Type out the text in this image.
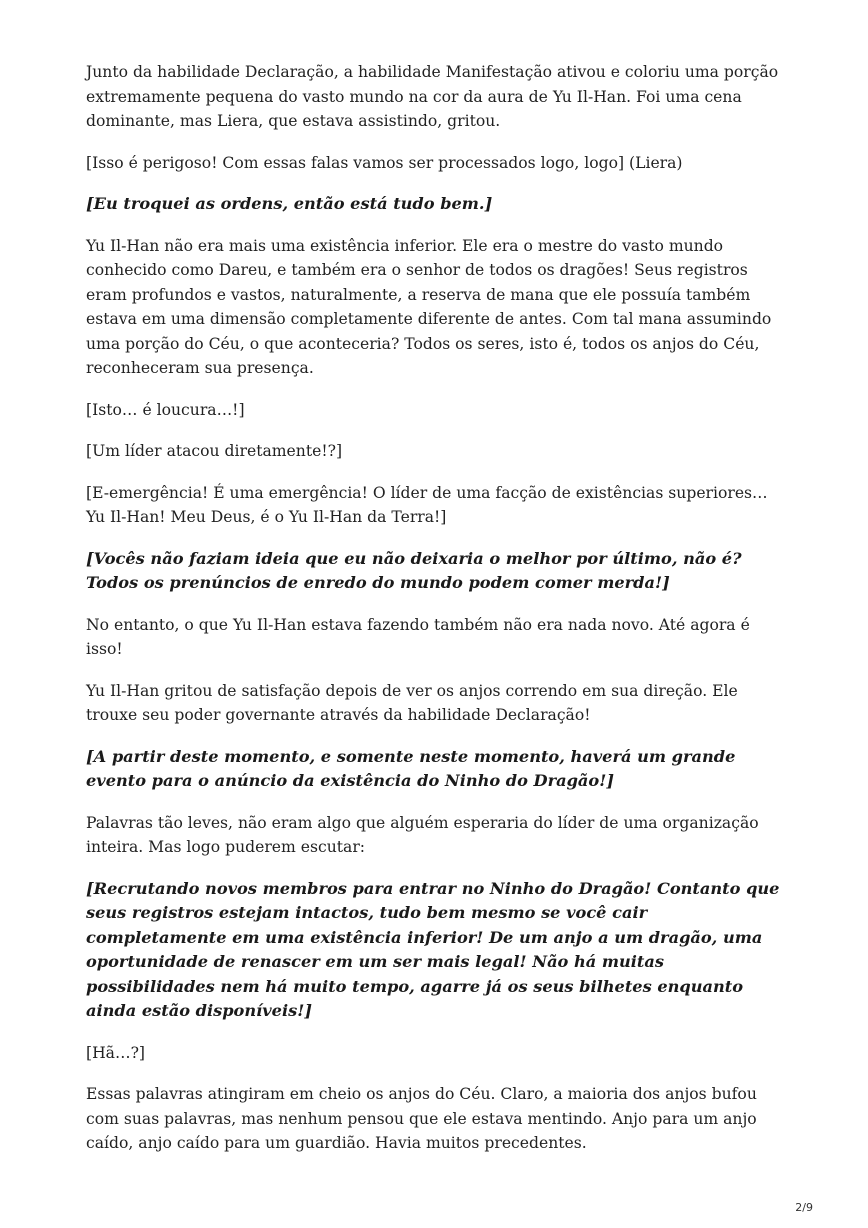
Junto da habilidade Declaração, a habilidade Manifestação ativou e coloriu uma porção extremamente pequena do vasto mundo na cor da aura de Yu Il-Han. Foi uma cena dominante, mas Liera, que estava assistindo, gritou.

[Isso é perigoso! Com essas falas vamos ser processados logo, logo] (Liera)

[Eu troquei as ordens, então está tudo bem.]

Yu Il-Han não era mais uma existência inferior. Ele era o mestre do vasto mundo conhecido como Dareu, e também era o senhor de todos os dragões! Seus registros eram profundos e vastos, naturalmente, a reserva de mana que ele possuía também estava em uma dimensão completamente diferente de antes. Com tal mana assumindo uma porção do Céu, o que aconteceria? Todos os seres, isto é, todos os anjos do Céu, reconheceram sua presença.

[Isto… é loucura…!]

[Um líder atacou diretamente!?]

[E-emergência! É uma emergência! O líder de uma facção de existências superiores… Yu Il-Han! Meu Deus, é o Yu Il-Han da Terra!]

[Vocês não faziam ideia que eu não deixaria o melhor por último, não é? Todos os prenúncios de enredo do mundo podem comer merda!]

No entanto, o que Yu Il-Han estava fazendo também não era nada novo. Até agora é isso!

Yu Il-Han gritou de satisfação depois de ver os anjos correndo em sua direção. Ele trouxe seu poder governante através da habilidade Declaração!

[A partir deste momento, e somente neste momento, haverá um grande evento para o anúncio da existência do Ninho do Dragão!]

Palavras tão leves, não eram algo que alguém esperaria do líder de uma organização inteira. Mas logo puderem escutar:

[Recrutando novos membros para entrar no Ninho do Dragão! Contanto que seus registros estejam intactos, tudo bem mesmo se você cair completamente em uma existência inferior! De um anjo a um dragão, uma oportunidade de renascer em um ser mais legal! Não há muitas possibilidades nem há muito tempo, agarre já os seus bilhetes enquanto ainda estão disponíveis!]

[Hã…?]

Essas palavras atingiram em cheio os anjos do Céu. Claro, a maioria dos anjos bufou com suas palavras, mas nenhum pensou que ele estava mentindo. Anjo para um anjo caído, anjo caído para um guardião. Havia muitos precedentes.

2/9
